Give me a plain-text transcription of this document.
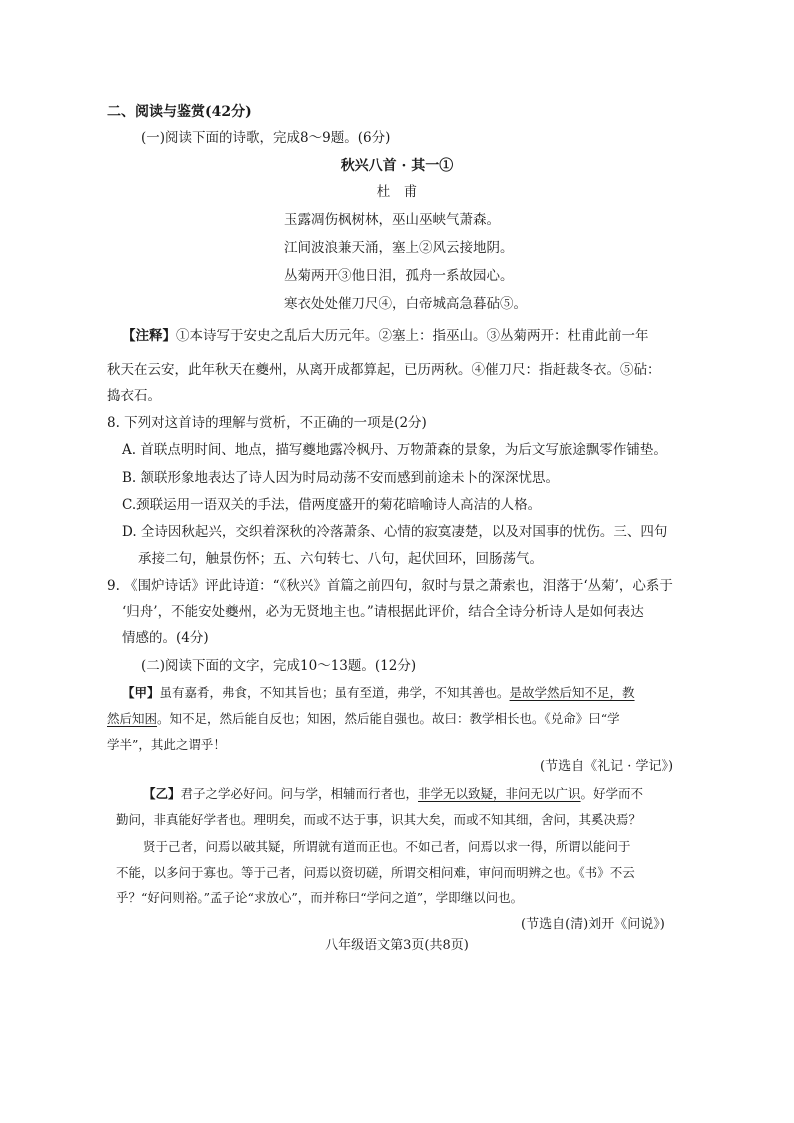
二、阅读与鉴赏(42分)
(一)阅读下面的诗歌，完成8～9题。(6分)
秋兴八首 · 其一①
杜　甫
玉露凋伤枫树林，巫山巫峡气萧森。
江间波浪兼天涌，塞上②风云接地阴。
丛菊两开③他日泪，孤舟一系故园心。
寒衣处处催刀尺④，白帝城高急暮砧⑤。
【注释】①本诗写于安史之乱后大历元年。②塞上：指巫山。③丛菊两开：杜甫此前一年
秋天在云安，此年秋天在夔州，从离开成都算起，已历两秋。④催刀尺：指赶裁冬衣。⑤砧：
捣衣石。
8. 下列对这首诗的理解与赏析，不正确的一项是(2分)
A. 首联点明时间、地点，描写夔地露冷枫丹、万物萧森的景象，为后文写旅途飘零作铺垫。
B. 颔联形象地表达了诗人因为时局动荡不安而感到前途未卜的深深忧思。
C.颈联运用一语双关的手法，借两度盛开的菊花暗喻诗人高洁的人格。
D. 全诗因秋起兴，交织着深秋的冷落萧条、心情的寂寞凄楚，以及对国事的忧伤。三、四句
承接二句，触景伤怀；五、六句转七、八句，起伏回环，回肠荡气。
9. 《围炉诗话》评此诗道：“《秋兴》首篇之前四句，叙时与景之萧索也，泪落于‘丛菊’，心系于
‘归舟’，不能安处夔州，必为无贤地主也。”请根据此评价，结合全诗分析诗人是如何表达
情感的。(4分)
(二)阅读下面的文字，完成10～13题。(12分)
【甲】虽有嘉肴，弗食，不知其旨也；虽有至道，弗学，不知其善也。是故学然后知不足，教
然后知困。知不足，然后能自反也；知困，然后能自强也。故曰：教学相长也。《兑命》曰“学
学半”，其此之谓乎！
(节选自《礼记 · 学记》)
【乙】君子之学必好问。问与学，相辅而行者也，非学无以致疑，非问无以广识。好学而不
勤问，非真能好学者也。理明矣，而或不达于事，识其大矣，而或不知其细，舍问，其奚决焉？
贤于己者，问焉以破其疑，所谓就有道而正也。不如己者，问焉以求一得，所谓以能问于
不能，以多问于寡也。等于己者，问焉以资切磋，所谓交相问难，审问而明辨之也。《书》不云
乎？“好问则裕。”孟子论“求放心”，而并称曰“学问之道”，学即继以问也。
(节选自(清)刘开《问说》)
八年级语文第3页(共8页)
